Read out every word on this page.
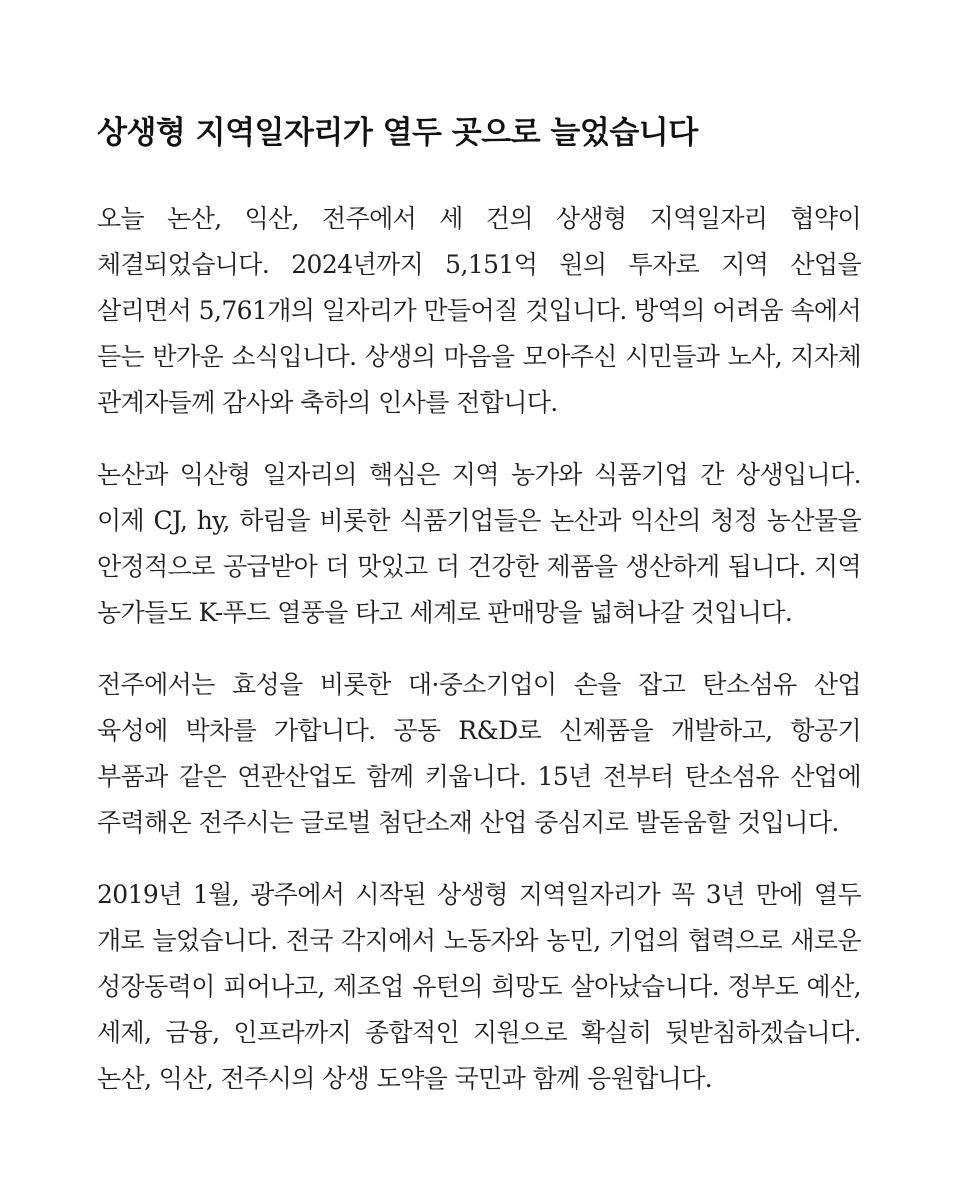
상생형 지역일자리가 열두 곳으로 늘었습니다

오늘 논산, 익산, 전주에서 세 건의 상생형 지역일자리 협약이 체결되었습니다. 2024년까지 5,151억 원의 투자로 지역 산업을 살리면서 5,761개의 일자리가 만들어질 것입니다. 방역의 어려움 속에서 듣는 반가운 소식입니다. 상생의 마음을 모아주신 시민들과 노사, 지자체 관계자들께 감사와 축하의 인사를 전합니다.

논산과 익산형 일자리의 핵심은 지역 농가와 식품기업 간 상생입니다. 이제 CJ, hy, 하림을 비롯한 식품기업들은 논산과 익산의 청정 농산물을 안정적으로 공급받아 더 맛있고 더 건강한 제품을 생산하게 됩니다. 지역 농가들도 K-푸드 열풍을 타고 세계로 판매망을 넓혀나갈 것입니다.

전주에서는 효성을 비롯한 대·중소기업이 손을 잡고 탄소섬유 산업 육성에 박차를 가합니다. 공동 R&D로 신제품을 개발하고, 항공기 부품과 같은 연관산업도 함께 키웁니다. 15년 전부터 탄소섬유 산업에 주력해온 전주시는 글로벌 첨단소재 산업 중심지로 발돋움할 것입니다.

2019년 1월, 광주에서 시작된 상생형 지역일자리가 꼭 3년 만에 열두 개로 늘었습니다. 전국 각지에서 노동자와 농민, 기업의 협력으로 새로운 성장동력이 피어나고, 제조업 유턴의 희망도 살아났습니다. 정부도 예산, 세제, 금융, 인프라까지 종합적인 지원으로 확실히 뒷받침하겠습니다. 논산, 익산, 전주시의 상생 도약을 국민과 함께 응원합니다.
